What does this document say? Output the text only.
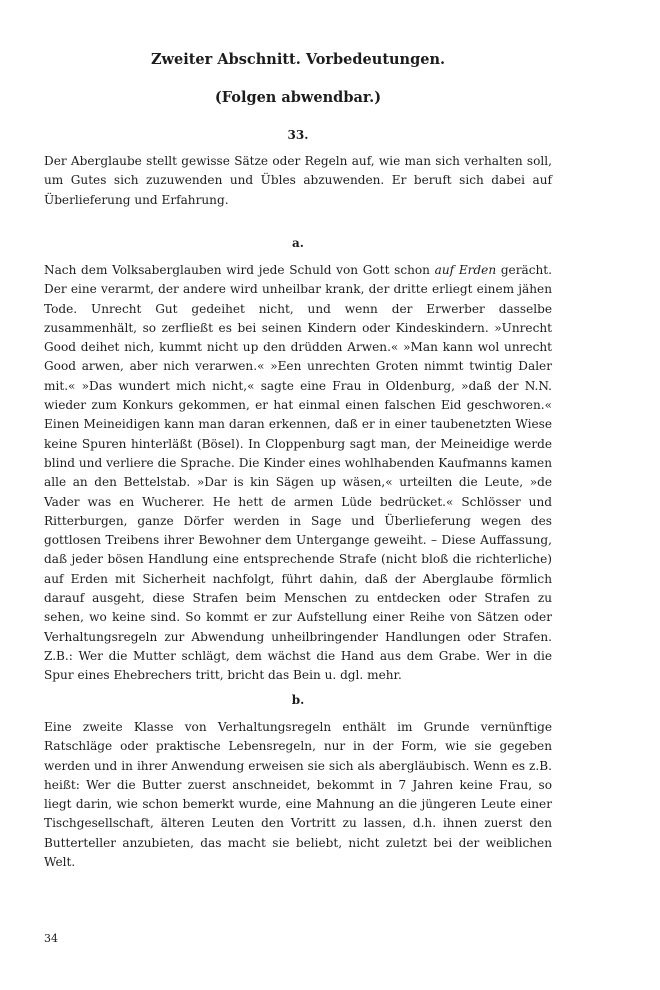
Zweiter Abschnitt. Vorbedeutungen.
(Folgen abwendbar.)
33.

Der Aberglaube stellt gewisse Sätze oder Regeln auf, wie man sich verhalten soll, um Gutes sich zuzuwenden und Übles abzuwenden. Er beruft sich dabei auf Überlieferung und Erfahrung.

a.

Nach dem Volksaberglauben wird jede Schuld von Gott schon auf Erden gerächt. Der eine verarmt, der andere wird unheilbar krank, der dritte erliegt einem jähen Tode. Unrecht Gut gedeihet nicht, und wenn der Erwerber dasselbe zusammenhält, so zerfließt es bei seinen Kindern oder Kindeskindern. »Unrecht Good deihet nich, kummt nicht up den drüdden Arwen.« »Man kann wol unrecht Good arwen, aber nich verarwen.« »Een unrechten Groten nimmt twintig Daler mit.« »Das wundert mich nicht,« sagte eine Frau in Oldenburg, »daß der N.N. wieder zum Konkurs gekommen, er hat einmal einen falschen Eid geschworen.« Einen Meineidigen kann man daran erkennen, daß er in einer taubenetzten Wiese keine Spuren hinterläßt (Bösel). In Cloppenburg sagt man, der Meineidige werde blind und verliere die Sprache. Die Kinder eines wohlhabenden Kaufmanns kamen alle an den Bettelstab. »Dar is kin Sägen up wäsen,« urteilten die Leute, »de Vader was en Wucherer. He hett de armen Lüde bedrücket.« Schlösser und Ritterburgen, ganze Dörfer werden in Sage und Überlieferung wegen des gottlosen Treibens ihrer Bewohner dem Untergange geweiht. – Diese Auffassung, daß jeder bösen Handlung eine entsprechende Strafe (nicht bloß die richterliche) auf Erden mit Sicherheit nachfolgt, führt dahin, daß der Aberglaube förmlich darauf ausgeht, diese Strafen beim Menschen zu entdecken oder Strafen zu sehen, wo keine sind. So kommt er zur Aufstellung einer Reihe von Sätzen oder Verhaltungsregeln zur Abwendung unheilbringender Handlungen oder Strafen. Z.B.: Wer die Mutter schlägt, dem wächst die Hand aus dem Grabe. Wer in die Spur eines Ehebrechers tritt, bricht das Bein u. dgl. mehr.

b.

Eine zweite Klasse von Verhaltungsregeln enthält im Grunde vernünftige Ratschläge oder praktische Lebensregeln, nur in der Form, wie sie gegeben werden und in ihrer Anwendung erweisen sie sich als abergläubisch. Wenn es z.B. heißt: Wer die Butter zuerst anschneidet, bekommt in 7 Jahren keine Frau, so liegt darin, wie schon bemerkt wurde, eine Mahnung an die jüngeren Leute einer Tischgesellschaft, älteren Leuten den Vortritt zu lassen, d.h. ihnen zuerst den Butterteller anzubieten, das macht sie beliebt, nicht zuletzt bei der weiblichen Welt.

34
